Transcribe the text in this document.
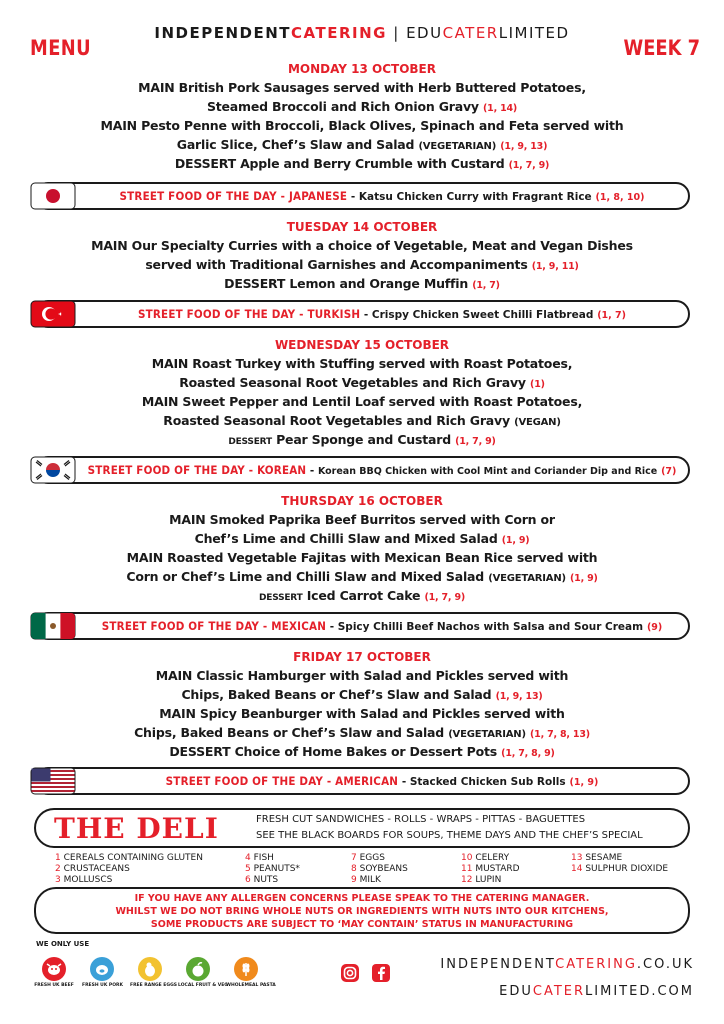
MENU
INDEPENDENTCATERING | EDUCATERLIMITED
WEEK 7
MONDAY 13 OCTOBER
MAIN British Pork Sausages served with Herb Buttered Potatoes,
Steamed Broccoli and Rich Onion Gravy (1, 14)
MAIN Pesto Penne with Broccoli, Black Olives, Spinach and Feta served with
Garlic Slice, Chef’s Slaw and Salad (VEGETARIAN) (1, 9, 13)
DESSERT Apple and Berry Crumble with Custard (1, 7, 9)
STREET FOOD OF THE DAY - JAPANESE - Katsu Chicken Curry with Fragrant Rice (1, 8, 10)
TUESDAY 14 OCTOBER
MAIN Our Specialty Curries with a choice of Vegetable, Meat and Vegan Dishes
served with Traditional Garnishes and Accompaniments (1, 9, 11)
DESSERT Lemon and Orange Muffin (1, 7)
STREET FOOD OF THE DAY - TURKISH - Crispy Chicken Sweet Chilli Flatbread (1, 7)
WEDNESDAY 15 OCTOBER
MAIN Roast Turkey with Stuffing served with Roast Potatoes,
Roasted Seasonal Root Vegetables and Rich Gravy (1)
MAIN Sweet Pepper and Lentil Loaf served with Roast Potatoes,
Roasted Seasonal Root Vegetables and Rich Gravy (VEGAN)
DESSERT Pear Sponge and Custard (1, 7, 9)
STREET FOOD OF THE DAY - KOREAN - Korean BBQ Chicken with Cool Mint and Coriander Dip and Rice (7)
THURSDAY 16 OCTOBER
MAIN Smoked Paprika Beef Burritos served with Corn or
Chef’s Lime and Chilli Slaw and Mixed Salad (1, 9)
MAIN Roasted Vegetable Fajitas with Mexican Bean Rice served with
Corn or Chef’s Lime and Chilli Slaw and Mixed Salad (VEGETARIAN) (1, 9)
DESSERT Iced Carrot Cake (1, 7, 9)
STREET FOOD OF THE DAY - MEXICAN - Spicy Chilli Beef Nachos with Salsa and Sour Cream (9)
FRIDAY 17 OCTOBER
MAIN Classic Hamburger with Salad and Pickles served with
Chips, Baked Beans or Chef’s Slaw and Salad (1, 9, 13)
MAIN Spicy Beanburger with Salad and Pickles served with
Chips, Baked Beans or Chef’s Slaw and Salad (VEGETARIAN) (1, 7, 8, 13)
DESSERT Choice of Home Bakes or Dessert Pots (1, 7, 8, 9)
STREET FOOD OF THE DAY - AMERICAN - Stacked Chicken Sub Rolls (1, 9)
THE DELI	FRESH CUT SANDWICHES - ROLLS - WRAPS - PITTAS - BAGUETTES
SEE THE BLACK BOARDS FOR SOUPS, THEME DAYS AND THE CHEF’S SPECIAL
1 CEREALS CONTAINING GLUTEN
2 CRUSTACEANS
3 MOLLUSCS
4 FISH
5 PEANUTS*
6 NUTS
7 EGGS
8 SOYBEANS
9 MILK
10 CELERY
11 MUSTARD
12 LUPIN
13 SESAME
14 SULPHUR DIOXIDE
IF YOU HAVE ANY ALLERGEN CONCERNS PLEASE SPEAK TO THE CATERING MANAGER.
WHILST WE DO NOT BRING WHOLE NUTS OR INGREDIENTS WITH NUTS INTO OUR KITCHENS,
SOME PRODUCTS ARE SUBJECT TO ‘MAY CONTAIN’ STATUS IN MANUFACTURING
WE ONLY USE
FRESH UK BEEF FRESH UK PORK FREE RANGE EGGS LOCAL FRUIT & VEG
WHOLEMEAL PASTA

INDEPENDENTCATERING.CO.UK
EDUCATERLIMITED.COM
